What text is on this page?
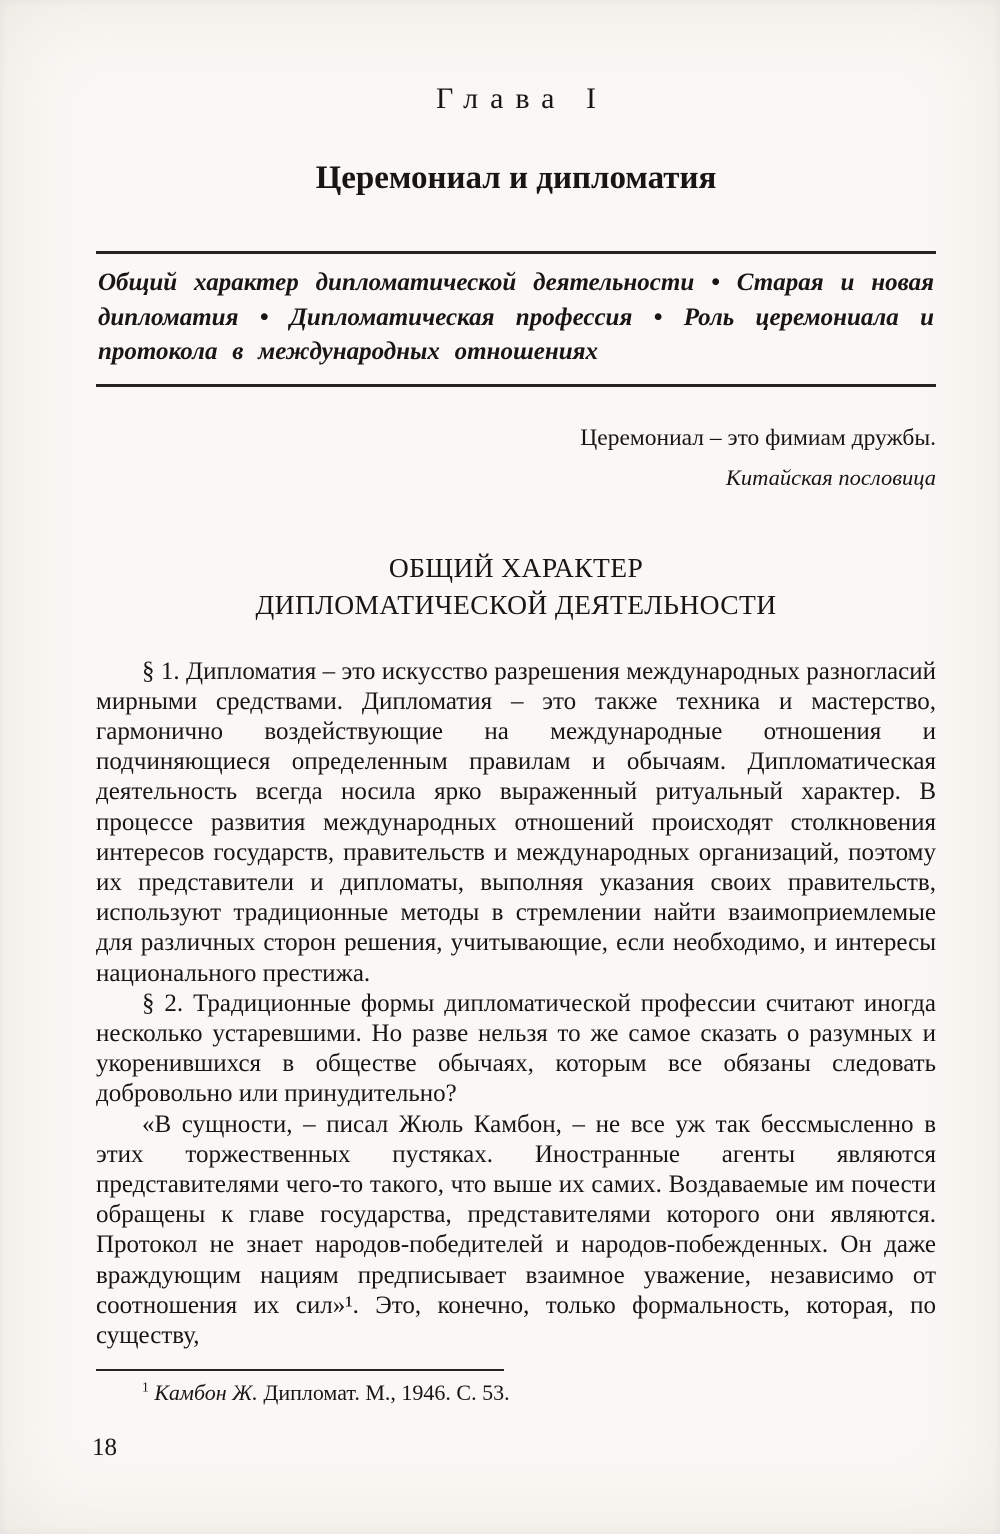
Глава I
Церемониал и дипломатия

Общий характер дипломатической деятельности • Старая и новая дипломатия • Дипломатическая профессия • Роль церемониала и протокола в международных отношениях

Церемониал – это фимиам дружбы.
Китайская пословица
ОБЩИЙ ХАРАКТЕР
ДИПЛОМАТИЧЕСКОЙ ДЕЯТЕЛЬНОСТИ

§ 1. Дипломатия – это искусство разрешения международных разногласий мирными средствами. Дипломатия – это также техника и мастерство, гармонично воздействующие на международные отношения и подчиняющиеся определенным правилам и обычаям. Дипломатическая деятельность всегда носила ярко выраженный ритуальный характер. В процессе развития международных отношений происходят столкновения интересов государств, правительств и международных организаций, поэтому их представители и дипломаты, выполняя указания своих правительств, используют традиционные методы в стремлении найти взаимоприемлемые для различных сторон решения, учитывающие, если необходимо, и интересы национального престижа.

§ 2. Традиционные формы дипломатической профессии считают иногда несколько устаревшими. Но разве нельзя то же самое сказать о разумных и укоренившихся в обществе обычаях, которым все обязаны следовать добровольно или принудительно?

«В сущности, – писал Жюль Камбон, – не все уж так бессмысленно в этих торжественных пустяках. Иностранные агенты являются представителями чего-то такого, что выше их самих. Воздаваемые им почести обращены к главе государства, представителями которого они являются. Протокол не знает народов-победителей и народов-побежденных. Он даже враждующим нациям предписывает взаимное уважение, независимо от соотношения их сил»¹. Это, конечно, только формальность, которая, по существу,

$^1$ Камбон Ж. Дипломат. М., 1946. С. 53.

18
